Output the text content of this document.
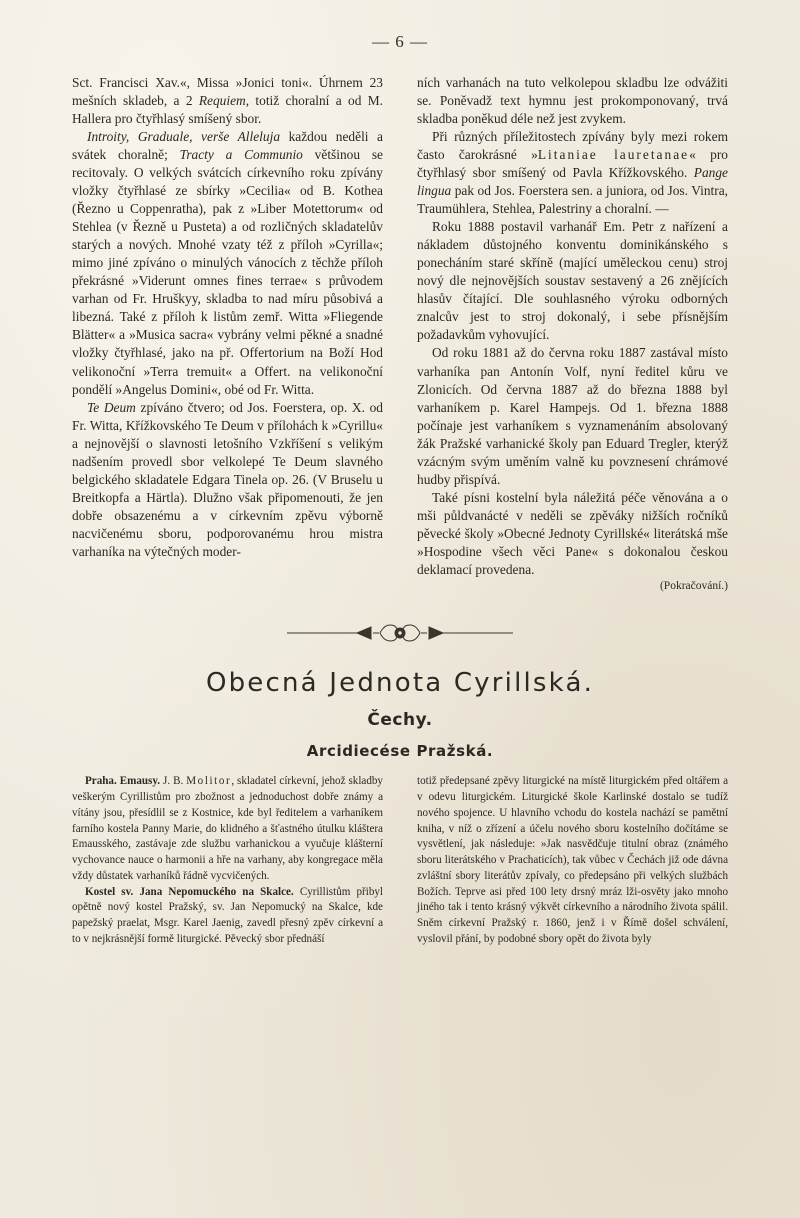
— 6 —

Sct. Francisci Xav.«, Missa »Jonici toni«. Úhrnem 23 mešních skladeb, a 2 Requiem, totiž choralní a od M. Hallera pro čtyřhlasý smíšený sbor.

Introity, Graduale, verše Alleluja každou neděli a svátek choralně; Tracty a Communio většinou se recitovaly. O velkých svátcích církevního roku zpívány vložky čtyřhlasé ze sbírky »Cecilia« od B. Kothea (Řezno u Coppenratha), pak z »Liber Motettorum« od Stehlea (v Řezně u Pusteta) a od rozličných skladatelův starých a nových. Mnohé vzaty též z příloh »Cyrilla«; mimo jiné zpíváno o minulých vánocích z těchže příloh překrásné »Viderunt omnes fines terrae« s průvodem varhan od Fr. Hruškyy, skladba to nad míru působivá a libezná. Také z příloh k listům zemř. Witta »Fliegende Blätter« a »Musica sacra« vybrány velmi pěkné a snadné vložky čtyřhlasé, jako na př. Offertorium na Boží Hod velikonoční »Terra tremuit« a Offert. na velikonoční pondělí »Angelus Domini«, obé od Fr. Witta.

Te Deum zpíváno čtvero; od Jos. Foerstera, op. X. od Fr. Witta, Křížkovského Te Deum v přílohách k »Cyrillu« a nejnovější o slavnosti letošního Vzkříšení s velikým nadšením provedl sbor velkolepé Te Deum slavného belgického skladatele Edgara Tinela op. 26. (V Bruselu u Breitkopfa a Härtla). Dlužno však připomenouti, že jen dobře obsazenému a v církevním zpěvu výborně nacvičenému sboru, podporovanému hrou mistra varhaníka na výtečných moder-

ních varhanách na tuto velkolepou skladbu lze odvážiti se. Poněvadž text hymnu jest prokomponovaný, trvá skladba poněkud déle než jest zvykem.

Při různých příležitostech zpívány byly mezi rokem často čarokrásné »Litaniae lauretanae« pro čtyřhlasý sbor smíšený od Pavla Křížkovského. Pange lingua pak od Jos. Foerstera sen. a juniora, od Jos. Vintra, Traumühlera, Stehlea, Palestriny a choralní. —

Roku 1888 postavil varhanář Em. Petr z nařízení a nákladem důstojného konventu dominikánského s ponecháním staré skříně (mající uměleckou cenu) stroj nový dle nejnovějších soustav sestavený a 26 znějících hlasův čítající. Dle souhlasného výroku odborných znalcův jest to stroj dokonalý, i sebe přísnějším požadavkům vyhovující.

Od roku 1881 až do června roku 1887 zastával místo varhaníka pan Antonín Volf, nyní ředitel kůru ve Zlonicích. Od června 1887 až do března 1888 byl varhaníkem p. Karel Hampejs. Od 1. března 1888 počínaje jest varhaníkem s vyznamenáním absolovaný žák Pražské varhanické školy pan Eduard Tregler, kterýž vzácným svým uměním valně ku povznesení chrámové hudby přispívá.

Také písni kostelní byla náležitá péče věnována a o mši půldvanácté v neděli se zpěváky nižších ročníků pěvecké školy »Obecné Jednoty Cyrillské« literátská mše »Hospodine všech věci Pane« s dokonalou českou deklamací provedena.

(Pokračování.)

Obecná Jednota Cyrillská.
Čechy.
Arcidiecése Pražská.

Praha. Emausy. J. B. Molitor, skladatel církevní, jehož skladby veškerým Cyrillistům pro zbožnost a jednoduchost dobře známy a vítány jsou, přesídlil se z Kostnice, kde byl ředitelem a varhaníkem farního kostela Panny Marie, do klidného a šťastného útulku kláštera Emausského, zastávaje zde službu varhanickou a vyučuje klášterní vychovance nauce o harmonii a hře na varhany, aby kongregace měla vždy důstatek varhaníků řádně vycvičených.

Kostel sv. Jana Nepomuckého na Skalce. Cyrillistům přibyl opětně nový kostel Pražský, sv. Jan Nepomucký na Skalce, kde papežský praelat, Msgr. Karel Jaenig, zavedl přesný zpěv církevní a to v nejkrásnější formě liturgické. Pěvecký sbor přednáší

totiž předepsané zpěvy liturgické na místě liturgickém před oltářem a v odevu liturgickém. Liturgické škole Karlinské dostalo se tudíž nového spojence. U hlavního vchodu do kostela nachází se pamětní kniha, v níž o zřízení a účelu nového sboru kostelního dočítáme se vysvětlení, jak následuje: »Jak nasvědčuje titulní obraz (známého sboru literátského v Prachaticích), tak vůbec v Čechách již ode dávna zvláštní sbory literátův zpívaly, co předepsáno při velkých službách Božích. Teprve asi před 100 lety drsný mráz lži-osvěty jako mnoho jiného tak i tento krásný výkvět církevního a národního života spálil. Sněm církevní Pražský r. 1860, jenž i v Římě došel schválení, vyslovil přání, by podobné sbory opět do života byly
